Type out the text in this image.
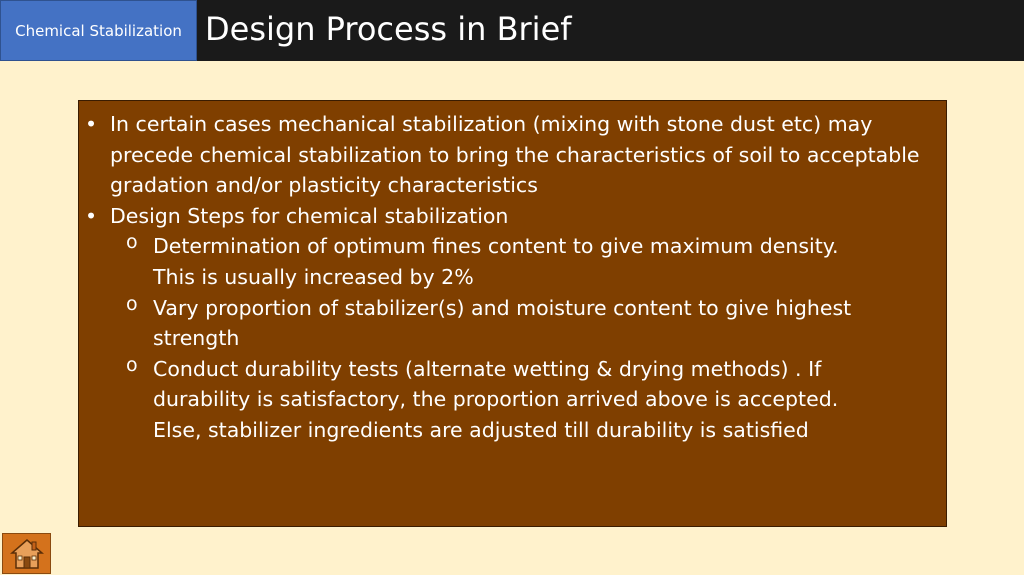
Chemical Stabilization Design Process in Brief
• In certain cases mechanical stabilization (mixing with stone dust etc) may precede chemical stabilization to bring the characteristics of soil to acceptable gradation and/or plasticity characteristics
• Design Steps for chemical stabilization
o Determination of optimum fines content to give maximum density. This is usually increased by 2%
o Vary proportion of stabilizer(s) and moisture content to give highest strength
o Conduct durability tests (alternate wetting & drying methods) . If durability is satisfactory, the proportion arrived above is accepted. Else, stabilizer ingredients are adjusted till durability is satisfied
